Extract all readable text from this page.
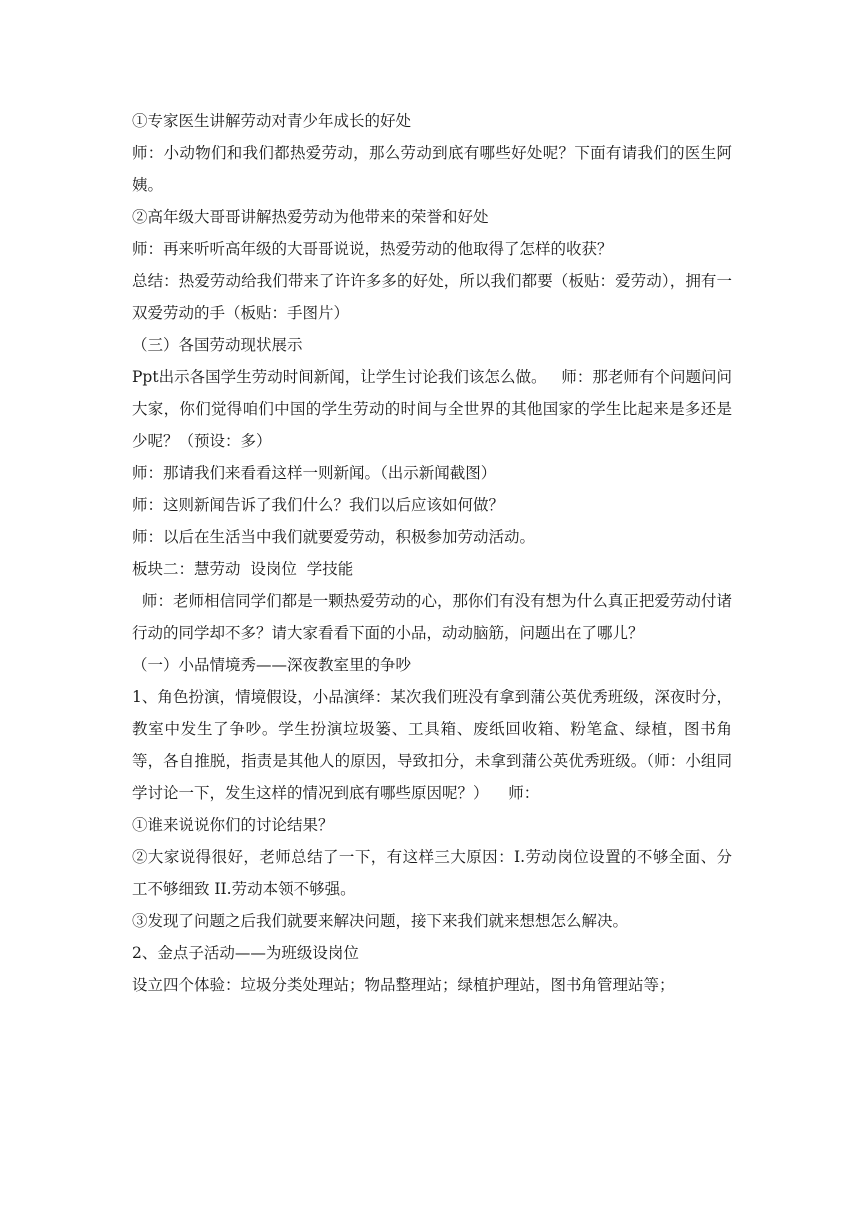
①专家医生讲解劳动对青少年成长的好处

师：小动物们和我们都热爱劳动，那么劳动到底有哪些好处呢？下面有请我们的医生阿姨。

②高年级大哥哥讲解热爱劳动为他带来的荣誉和好处

师：再来听听高年级的大哥哥说说，热爱劳动的他取得了怎样的收获？

总结：热爱劳动给我们带来了许许多多的好处，所以我们都要（板贴：爱劳动），拥有一双爱劳动的手（板贴：手图片）

（三）各国劳动现状展示

Ppt出示各国学生劳动时间新闻，让学生讨论我们该怎么做。   师：那老师有个问题问问大家，你们觉得咱们中国的学生劳动的时间与全世界的其他国家的学生比起来是多还是少呢？（预设：多）

师：那请我们来看看这样一则新闻。（出示新闻截图）

师：这则新闻告诉了我们什么？我们以后应该如何做？

师：以后在生活当中我们就要爱劳动，积极参加劳动活动。

板块二：慧劳动  设岗位  学技能

师：老师相信同学们都是一颗热爱劳动的心，那你们有没有想为什么真正把爱劳动付诸行动的同学却不多？请大家看看下面的小品，动动脑筋，问题出在了哪儿？

（一）小品情境秀——深夜教室里的争吵

1、角色扮演，情境假设，小品演绎：某次我们班没有拿到蒲公英优秀班级，深夜时分，教室中发生了争吵。学生扮演垃圾篓、工具箱、废纸回收箱、粉笔盒、绿植，图书角等，各自推脱，指责是其他人的原因，导致扣分，未拿到蒲公英优秀班级。（师：小组同学讨论一下，发生这样的情况到底有哪些原因呢？）    师：

①谁来说说你们的讨论结果？

②大家说得很好，老师总结了一下，有这样三大原因：I.劳动岗位设置的不够全面、分工不够细致 II.劳动本领不够强。

③发现了问题之后我们就要来解决问题，接下来我们就来想想怎么解决。

2、金点子活动——为班级设岗位

设立四个体验：垃圾分类处理站；物品整理站；绿植护理站，图书角管理站等；
